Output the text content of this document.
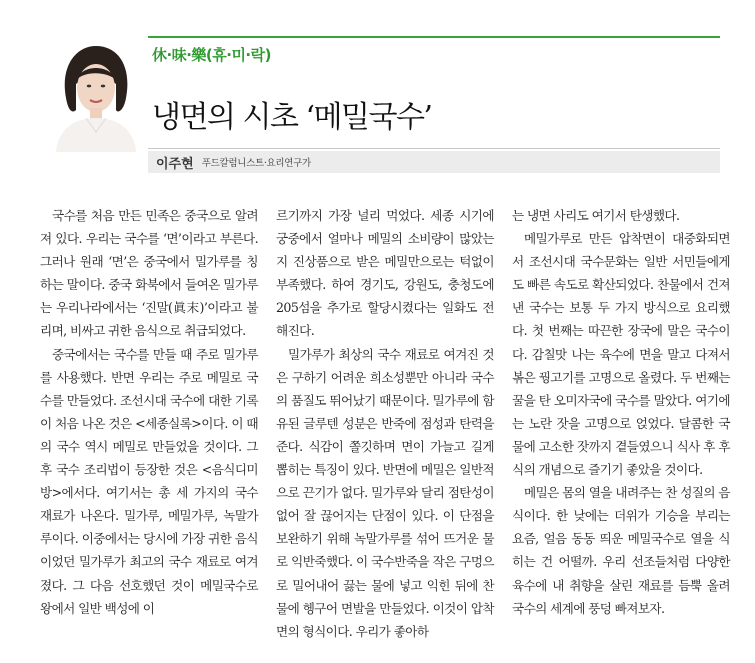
休·味·樂(휴·미·락)
냉면의 시초 ‘메밀국수’
이주현 푸드칼럼니스트·요리연구가

국수를 처음 만든 민족은 중국으로 알려져 있다. 우리는 국수를 ‘면’이라고 부른다. 그러나 원래 ‘면’은 중국에서 밀가루를 칭하는 말이다. 중국 화북에서 들여온 밀가루는 우리나라에서는 ‘진말(眞末)’이라고 불리며, 비싸고 귀한 음식으로 취급되었다.

중국에서는 국수를 만들 때 주로 밀가루를 사용했다. 반면 우리는 주로 메밀로 국수를 만들었다. 조선시대 국수에 대한 기록이 처음 나온 것은 <세종실록>이다. 이 때의 국수 역시 메밀로 만들었을 것이다. 그 후 국수 조리법이 등장한 것은 <음식디미방>에서다. 여기서는 총 세 가지의 국수 재료가 나온다. 밀가루, 메밀가루, 녹말가루이다. 이중에서는 당시에 가장 귀한 음식이었던 밀가루가 최고의 국수 재료로 여겨졌다. 그 다음 선호했던 것이 메밀국수로 왕에서 일반 백성에 이

르기까지 가장 널리 먹었다. 세종 시기에 궁중에서 얼마나 메밀의 소비량이 많았는지 진상품으로 받은 메밀만으로는 턱없이 부족했다. 하여 경기도, 강원도, 충청도에 205섬을 추가로 할당시켰다는 일화도 전해진다.

밀가루가 최상의 국수 재료로 여겨진 것은 구하기 어려운 희소성뿐만 아니라 국수의 품질도 뛰어났기 때문이다. 밀가루에 함유된 글루텐 성분은 반죽에 점성과 탄력을 준다. 식감이 쫄깃하며 면이 가늘고 길게 뽑히는 특징이 있다. 반면에 메밀은 일반적으로 끈기가 없다. 밀가루와 달리 점탄성이 없어 잘 끊어지는 단점이 있다. 이 단점을 보완하기 위해 녹말가루를 섞어 뜨거운 물로 익반죽했다. 이 국수반죽을 작은 구멍으로 밀어내어 끓는 물에 넣고 익힌 뒤에 찬물에 헹구어 면발을 만들었다. 이것이 압착면의 형식이다. 우리가 좋아하

는 냉면 사리도 여기서 탄생했다.

메밀가루로 만든 압착면이 대중화되면서 조선시대 국수문화는 일반 서민들에게도 빠른 속도로 확산되었다. 찬물에서 건져낸 국수는 보통 두 가지 방식으로 요리했다. 첫 번째는 따끈한 장국에 말은 국수이다. 감칠맛 나는 육수에 면을 말고 다져서 볶은 꿩고기를 고명으로 올렸다. 두 번째는 꿀을 탄 오미자국에 국수를 말았다. 여기에는 노란 잣을 고명으로 얹었다. 달콤한 국물에 고소한 잣까지 곁들였으니 식사 후 후식의 개념으로 즐기기 좋았을 것이다.

메밀은 몸의 열을 내려주는 찬 성질의 음식이다. 한 낮에는 더위가 기승을 부리는 요즘, 얼음 동동 띄운 메밀국수로 열을 식히는 건 어떨까. 우리 선조들처럼 다양한 육수에 내 취향을 살린 재료를 듬뿍 올려 국수의 세계에 풍덩 빠져보자.
